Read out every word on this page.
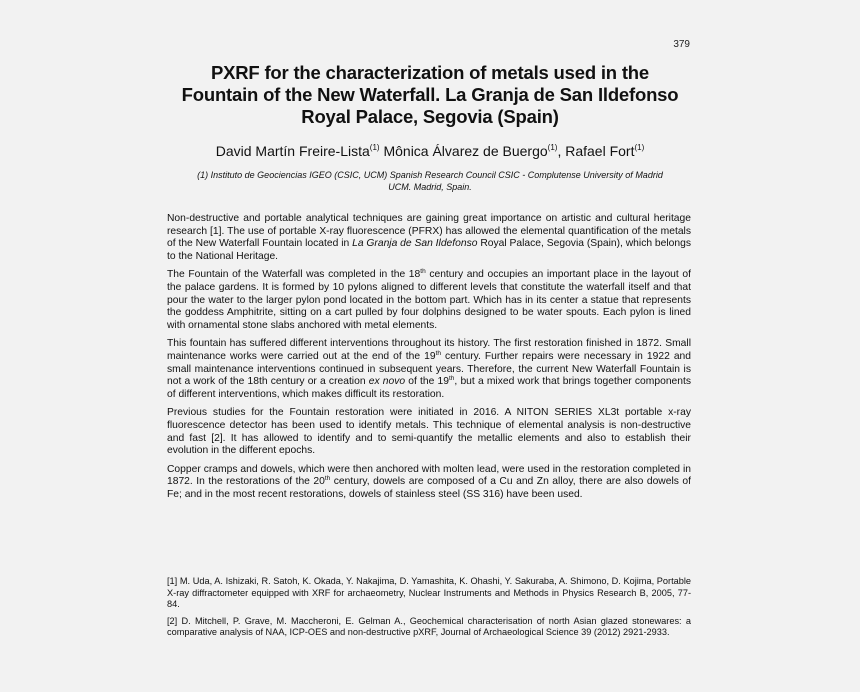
379
PXRF for the characterization of metals used in the
Fountain of the New Waterfall. La Granja de San Ildefonso
Royal Palace, Segovia (Spain)
David Martín Freire-Lista$^{(1)}$ Mônica Álvarez de Buergo$^{(1)}$, Rafael Fort$^{(1)}$
(1) Instituto de Geociencias IGEO (CSIC, UCM) Spanish Research Council CSIC - Complutense University of Madrid
UCM. Madrid, Spain.

Non-destructive and portable analytical techniques are gaining great importance on artistic and cultural heritage research [1]. The use of portable X-ray fluorescence (PFRX) has allowed the elemental quantification of the metals of the New Waterfall Fountain located in La Granja de San Ildefonso Royal Palace, Segovia (Spain), which belongs to the National Heritage.

The Fountain of the Waterfall was completed in the 18th century and occupies an important place in the layout of the palace gardens. It is formed by 10 pylons aligned to different levels that constitute the waterfall itself and that pour the water to the larger pylon pond located in the bottom part. Which has in its center a statue that represents the goddess Amphitrite, sitting on a cart pulled by four dolphins designed to be water spouts. Each pylon is lined with ornamental stone slabs anchored with metal elements.

This fountain has suffered different interventions throughout its history. The first restoration finished in 1872. Small maintenance works were carried out at the end of the 19th century. Further repairs were necessary in 1922 and small maintenance interventions continued in subsequent years. Therefore, the current New Waterfall Fountain is not a work of the 18th century or a creation ex novo of the 19th, but a mixed work that brings together components of different interventions, which makes difficult its restoration.

Previous studies for the Fountain restoration were initiated in 2016. A NITON SERIES XL3t portable x-ray fluorescence detector has been used to identify metals. This technique of elemental analysis is non-destructive and fast [2]. It has allowed to identify and to semi-quantify the metallic elements and also to establish their evolution in the different epochs.

Copper cramps and dowels, which were then anchored with molten lead, were used in the restoration completed in 1872. In the restorations of the 20th century, dowels are composed of a Cu and Zn alloy, there are also dowels of Fe; and in the most recent restorations, dowels of stainless steel (SS 316) have been used.

[1] M. Uda, A. Ishizaki, R. Satoh, K. Okada, Y. Nakajima, D. Yamashita, K. Ohashi, Y. Sakuraba, A. Shimono, D. Kojima, Portable X-ray diffractometer equipped with XRF for archaeometry, Nuclear Instruments and Methods in Physics Research B, 2005, 77-84.

[2] D. Mitchell, P. Grave, M. Maccheroni, E. Gelman A., Geochemical characterisation of north Asian glazed stonewares: a comparative analysis of NAA, ICP-OES and non-destructive pXRF, Journal of Archaeological Science 39 (2012) 2921-2933.
